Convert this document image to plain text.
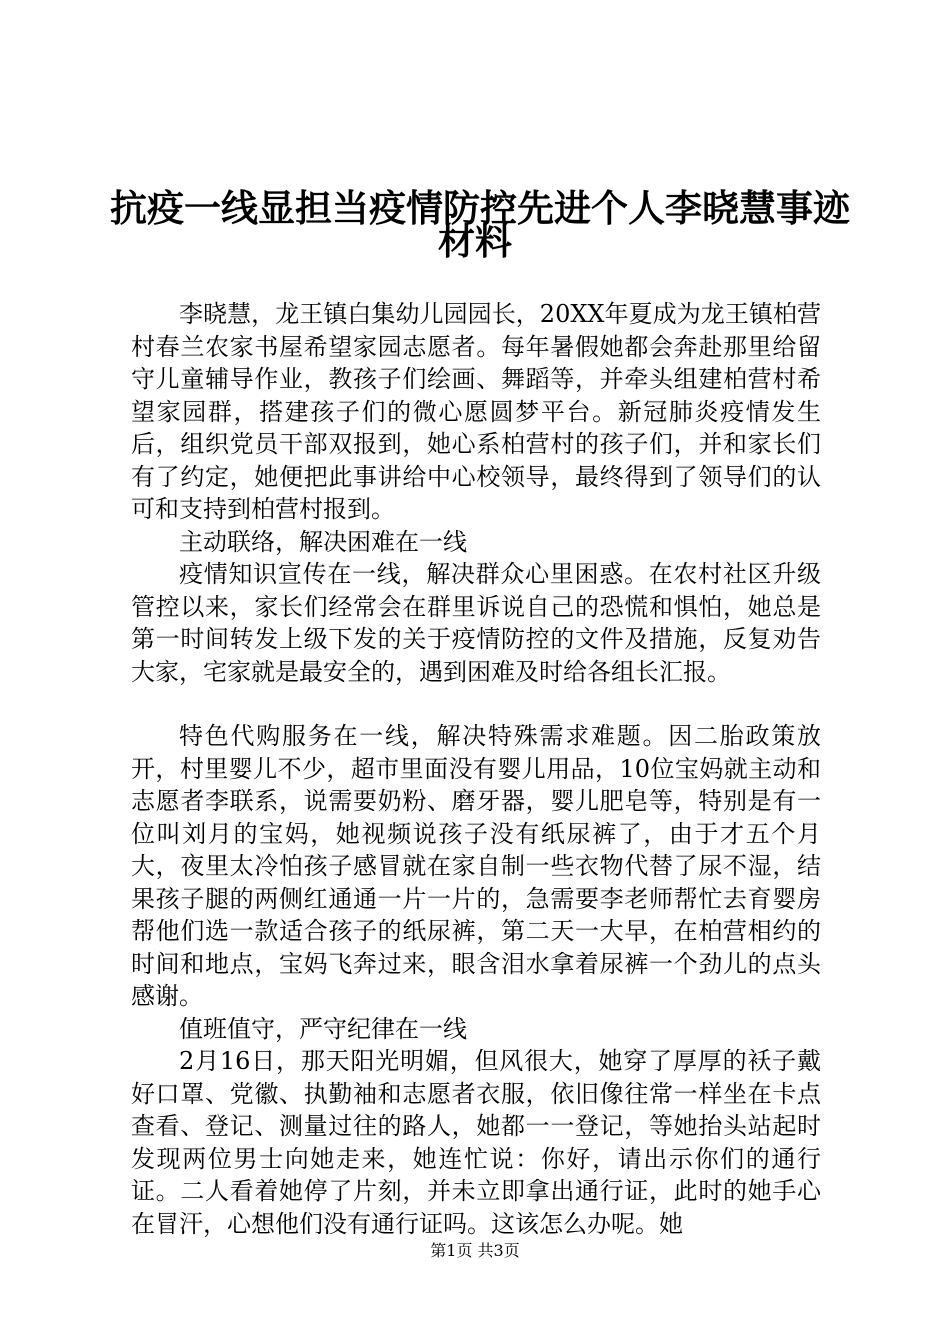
抗疫一线显担当疫情防控先进个人李晓慧事迹
材料

李晓慧，龙王镇白集幼儿园园长，20XX年夏成为龙王镇柏营村春兰农家书屋希望家园志愿者。每年暑假她都会奔赴那里给留守儿童辅导作业，教孩子们绘画、舞蹈等，并牵头组建柏营村希望家园群，搭建孩子们的微心愿圆梦平台。新冠肺炎疫情发生后，组织党员干部双报到，她心系柏营村的孩子们，并和家长们有了约定，她便把此事讲给中心校领导，最终得到了领导们的认可和支持到柏营村报到。

主动联络，解决困难在一线

疫情知识宣传在一线，解决群众心里困惑。在农村社区升级管控以来，家长们经常会在群里诉说自己的恐慌和惧怕，她总是第一时间转发上级下发的关于疫情防控的文件及措施，反复劝告大家，宅家就是最安全的，遇到困难及时给各组长汇报。

特色代购服务在一线，解决特殊需求难题。因二胎政策放开，村里婴儿不少，超市里面没有婴儿用品，10位宝妈就主动和志愿者李联系，说需要奶粉、磨牙器，婴儿肥皂等，特别是有一位叫刘月的宝妈，她视频说孩子没有纸尿裤了，由于才五个月大，夜里太冷怕孩子感冒就在家自制一些衣物代替了尿不湿，结果孩子腿的两侧红通通一片一片的，急需要李老师帮忙去育婴房帮他们选一款适合孩子的纸尿裤，第二天一大早，在柏营相约的时间和地点，宝妈飞奔过来，眼含泪水拿着尿裤一个劲儿的点头感谢。

值班值守，严守纪律在一线

2月16日，那天阳光明媚，但风很大，她穿了厚厚的袄子戴好口罩、党徽、执勤袖和志愿者衣服，依旧像往常一样坐在卡点查看、登记、测量过往的路人，她都一一登记，等她抬头站起时发现两位男士向她走来，她连忙说：你好，请出示你们的通行证。二人看着她停了片刻，并未立即拿出通行证，此时的她手心在冒汗，心想他们没有通行证吗。这该怎么办呢。她

第1页 共3页
